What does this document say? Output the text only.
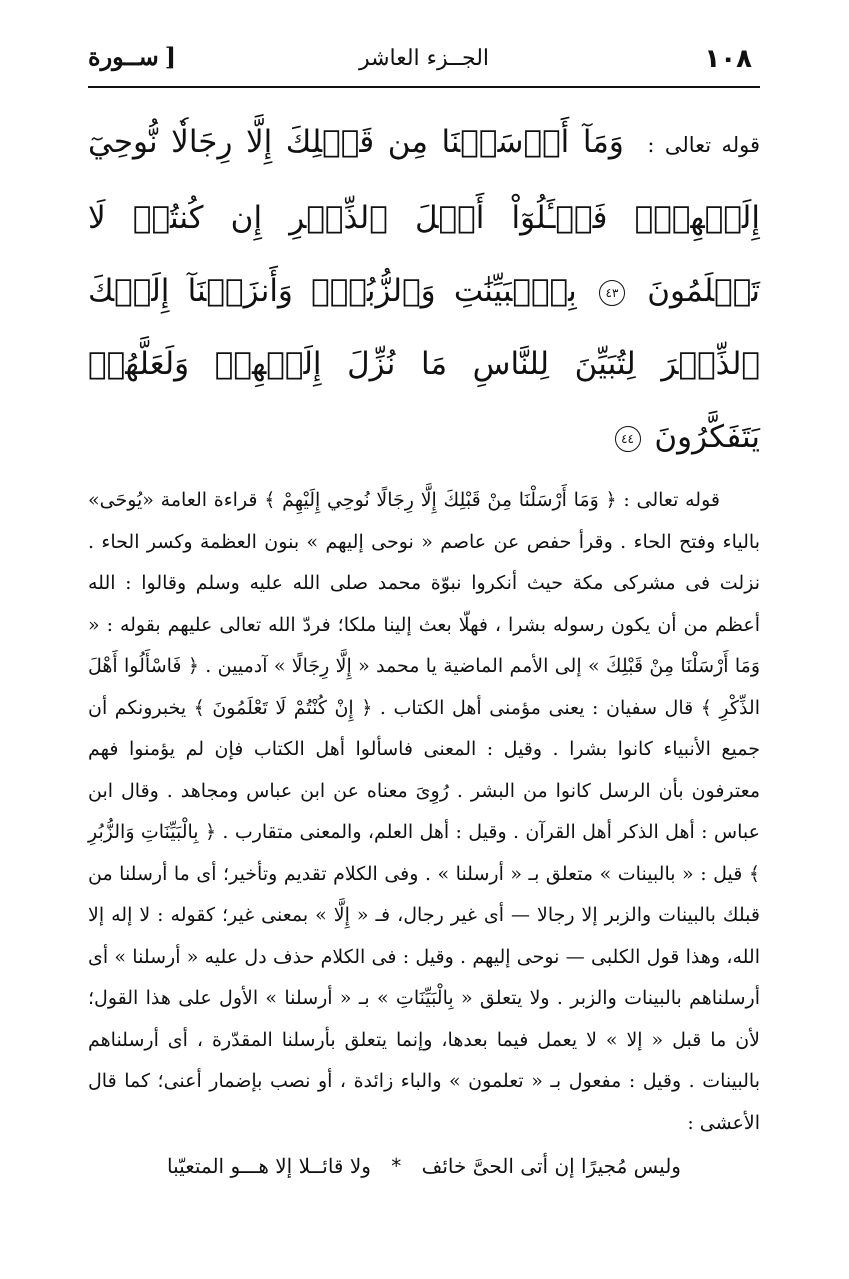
١٠٨
الجــزء العاشر
[ســورة
قوله تعالى : وَمَآ أَرۡسَلۡنَا مِن قَبۡلِكَ إِلَّا رِجَالٗا نُّوحِيٓ إِلَيۡهِمۡۚ فَسۡـَٔلُوٓاْ أَهۡلَ ٱلذِّكۡرِ إِن كُنتُمۡ لَا تَعۡلَمُونَ ٤٣ بِٱلۡبَيِّنَٰتِ وَٱلزُّبُرِۗ وَأَنزَلۡنَآ إِلَيۡكَ ٱلذِّكۡرَ لِتُبَيِّنَ لِلنَّاسِ مَا نُزِّلَ إِلَيۡهِمۡ وَلَعَلَّهُمۡ يَتَفَكَّرُونَ ٤٤

قوله تعالى : ﴿ وَمَا أَرْسَلْنَا مِنْ قَبْلِكَ إِلَّا رِجَالًا نُوحِي إِلَيْهِمْ ﴾ قراءة العامة «يُوحَى» بالياء وفتح الحاء . وقرأ حفص عن عاصم « نوحى إليهم » بنون العظمة وكسر الحاء . نزلت فى مشركى مكة حيث أنكروا نبوّة محمد صلى الله عليه وسلم وقالوا : الله أعظم من أن يكون رسوله بشرا ، فهلّا بعث إلينا ملكا؛ فردّ الله تعالى عليهم بقوله : « وَمَا أَرْسَلْنَا مِنْ قَبْلِكَ » إلى الأمم الماضية يا محمد « إِلَّا رِجَالًا » آدميين . ﴿ فَاسْأَلُوا أَهْلَ الذِّكْرِ ﴾ قال سفيان : يعنى مؤمنى أهل الكتاب . ﴿ إِنْ كُنْتُمْ لَا تَعْلَمُونَ ﴾ يخبرونكم أن جميع الأنبياء كانوا بشرا . وقيل : المعنى فاسألوا أهل الكتاب فإن لم يؤمنوا فهم معترفون بأن الرسل كانوا من البشر . رُوِىَ معناه عن ابن عباس ومجاهد . وقال ابن عباس : أهل الذكر أهل القرآن . وقيل : أهل العلم، والمعنى متقارب . ﴿ بِالْبَيِّنَاتِ وَالزُّبُرِ ﴾ قيل : « بالبينات » متعلق بـ « أرسلنا » . وفى الكلام تقديم وتأخير؛ أى ما أرسلنا من قبلك بالبينات والزبر إلا رجالا — أى غير رجال، فـ « إِلَّا » بمعنى غير؛ كقوله : لا إله إلا الله، وهذا قول الكلبى — نوحى إليهم . وقيل : فى الكلام حذف دل عليه « أرسلنا » أى أرسلناهم بالبينات والزبر . ولا يتعلق « بِالْبَيِّنَاتِ » بـ « أرسلنا » الأول على هذا القول؛ لأن ما قبل « إلا » لا يعمل فيما بعدها، وإنما يتعلق بأرسلنا المقدّرة ، أى أرسلناهم بالبينات . وقيل : مفعول بـ « تعلمون » والباء زائدة ، أو نصب بإضمار أعنى؛ كما قال الأعشى :

وليس مُجيرًا إن أتى الحىَّ خائف * ولا قائــلا إلا هـــو المتعيّبا
